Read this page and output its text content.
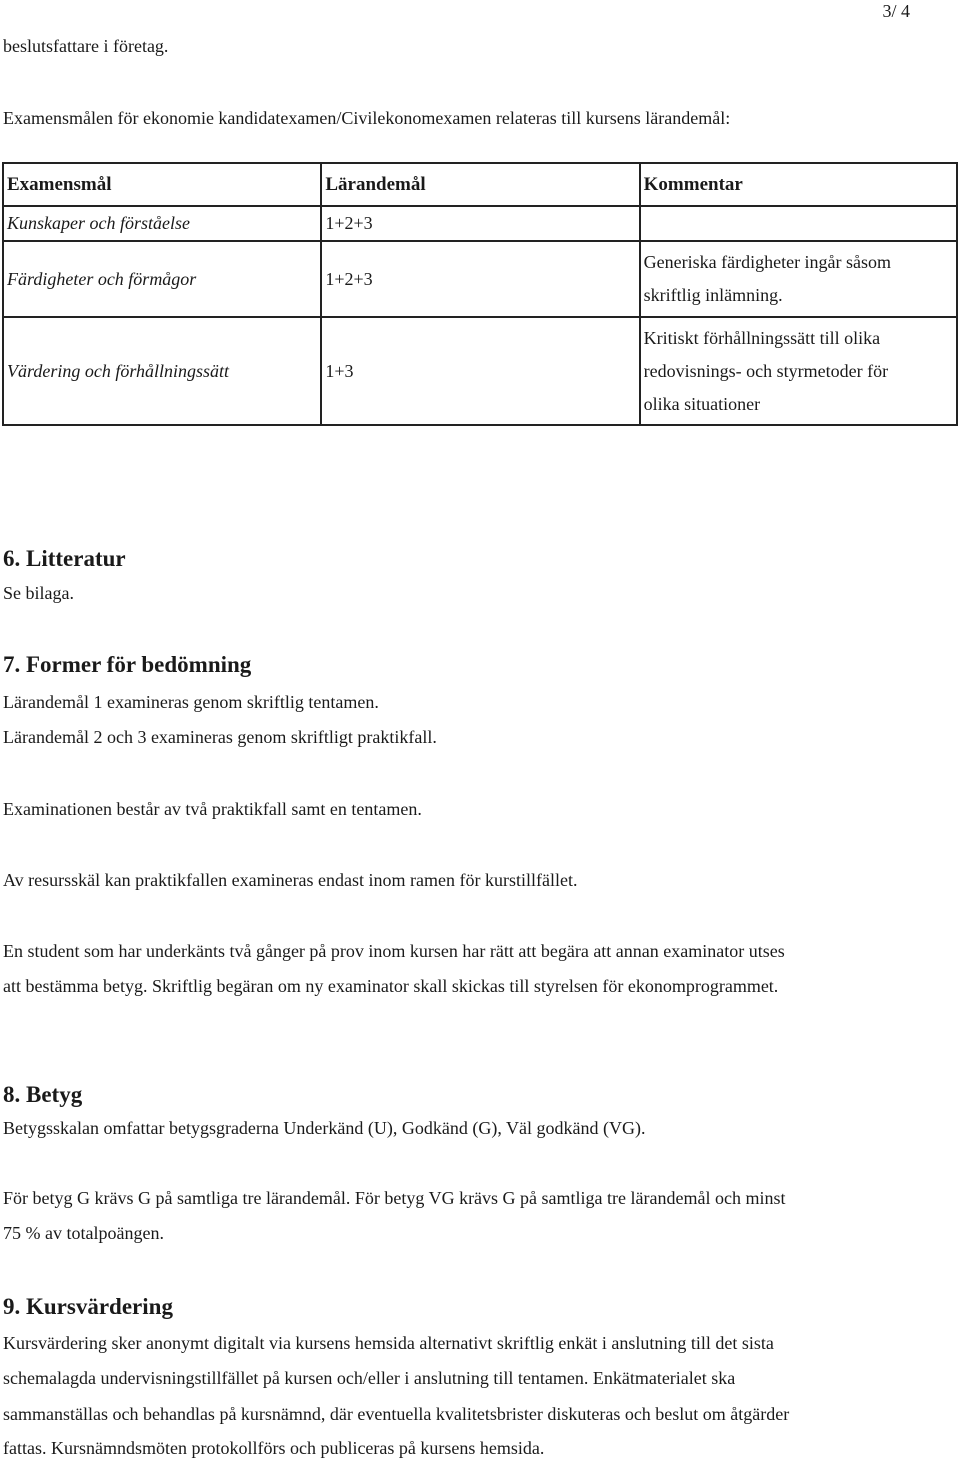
3/ 4
beslutsfattare i företag.
Examensmålen för ekonomie kandidatexamen/Civilekonomexamen relateras till kursens lärandemål:
Examensmål	Lärandemål	Kommentar
Kunskaper och förståelse	1+2+3	
Färdigheter och förmågor	1+2+3	Generiska färdigheter ingår såsom
skriftlig inlämning.

Värdering och förhållningssätt	1+3	Kritiskt förhållningssätt till olika
redovisnings- och styrmetoder för
olika situationer
6. Litteratur
Se bilaga.
7. Former för bedömning
Lärandemål 1 examineras genom skriftlig tentamen.
Lärandemål 2 och 3 examineras genom skriftligt praktikfall.
Examinationen består av två praktikfall samt en tentamen.
Av resursskäl kan praktikfallen examineras endast inom ramen för kurstillfället.
En student som har underkänts två gånger på prov inom kursen har rätt att begära att annan examinator utses
att bestämma betyg. Skriftlig begäran om ny examinator skall skickas till styrelsen för ekonomprogrammet.
8. Betyg
Betygsskalan omfattar betygsgraderna Underkänd (U), Godkänd (G), Väl godkänd (VG).
För betyg G krävs G på samtliga tre lärandemål. För betyg VG krävs G på samtliga tre lärandemål och minst
75 % av totalpoängen.
9. Kursvärdering
Kursvärdering sker anonymt digitalt via kursens hemsida alternativt skriftlig enkät i anslutning till det sista
schemalagda undervisningstillfället på kursen och/eller i anslutning till tentamen. Enkätmaterialet ska
sammanställas och behandlas på kursnämnd, där eventuella kvalitetsbrister diskuteras och beslut om åtgärder
fattas. Kursnämndsmöten protokollförs och publiceras på kursens hemsida.
